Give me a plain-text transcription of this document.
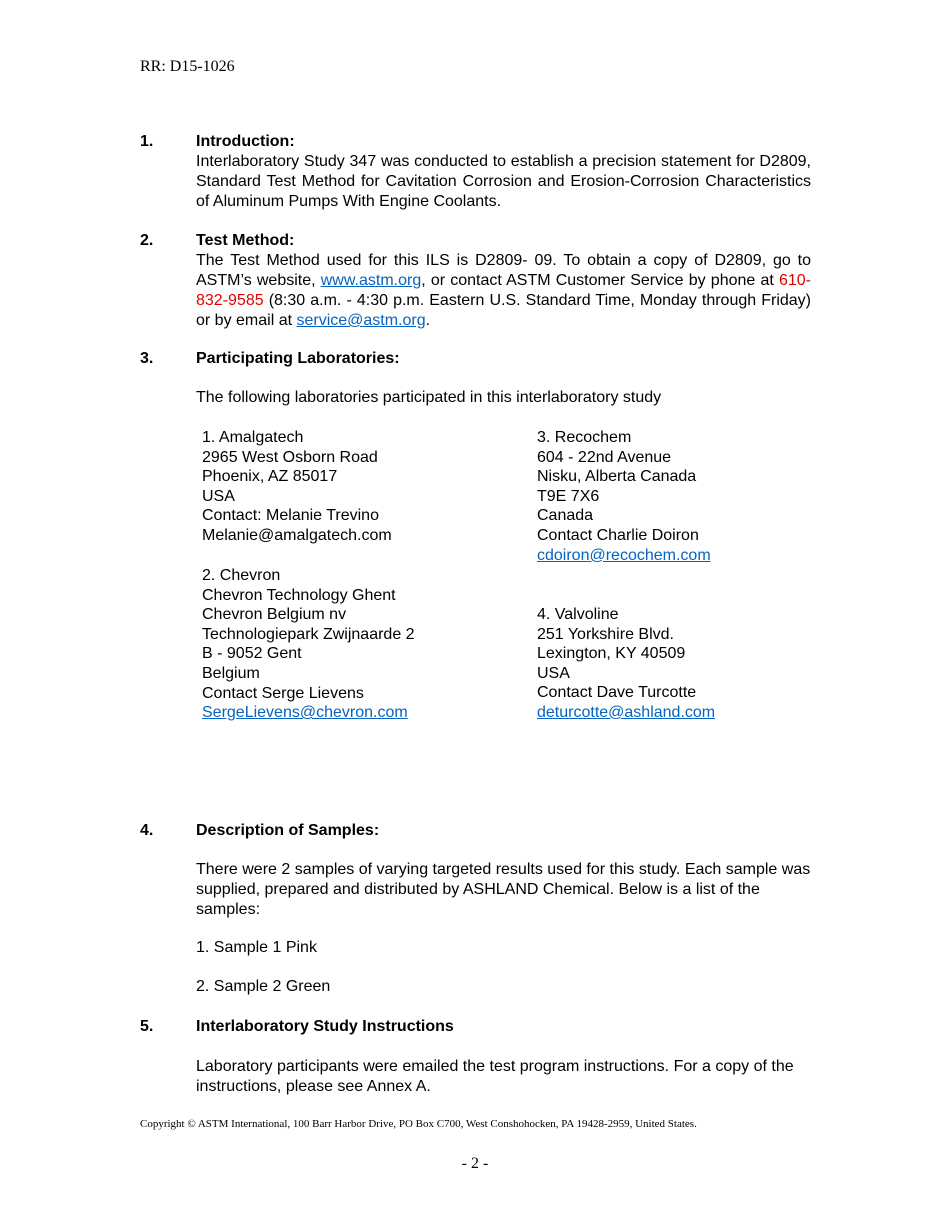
RR: D15-1026
1.	Introduction:
Interlaboratory Study 347 was conducted to establish a precision statement for D2809, Standard Test Method for Cavitation Corrosion and Erosion-Corrosion Characteristics of Aluminum Pumps With Engine Coolants.
2.	Test Method:
The Test Method used for this ILS is D2809- 09. To obtain a copy of D2809, go to ASTM’s website, www.astm.org, or contact ASTM Customer Service by phone at 610-832-9585 (8:30 a.m. - 4:30 p.m. Eastern U.S. Standard Time, Monday through Friday) or by email at service@astm.org.
3.	Participating Laboratories:
The following laboratories participated in this interlaboratory study
1. Amalgatech
2965 West Osborn Road
Phoenix, AZ 85017
USA
Contact: Melanie Trevino
Melanie@amalgatech.com
2. Chevron
Chevron Technology Ghent
Chevron Belgium nv
Technologiepark Zwijnaarde 2
B - 9052 Gent
Belgium
Contact Serge Lievens
SergeLievens@chevron.com
3. Recochem
604 - 22nd Avenue
Nisku, Alberta Canada
T9E 7X6
Canada
Contact Charlie Doiron
cdoiron@recochem.com
4. Valvoline
251 Yorkshire Blvd.
Lexington, KY 40509
USA
Contact Dave Turcotte
deturcotte@ashland.com
4.	Description of Samples:
There were 2 samples of varying targeted results used for this study. Each sample was supplied, prepared and distributed by ASHLAND Chemical. Below is a list of the samples:
1. Sample 1 Pink
2. Sample 2 Green
5.	Interlaboratory Study Instructions
Laboratory participants were emailed the test program instructions. For a copy of the instructions, please see Annex A.
Copyright © ASTM International, 100 Barr Harbor Drive, PO Box C700, West Conshohocken, PA 19428-2959, United States.
- 2 -
